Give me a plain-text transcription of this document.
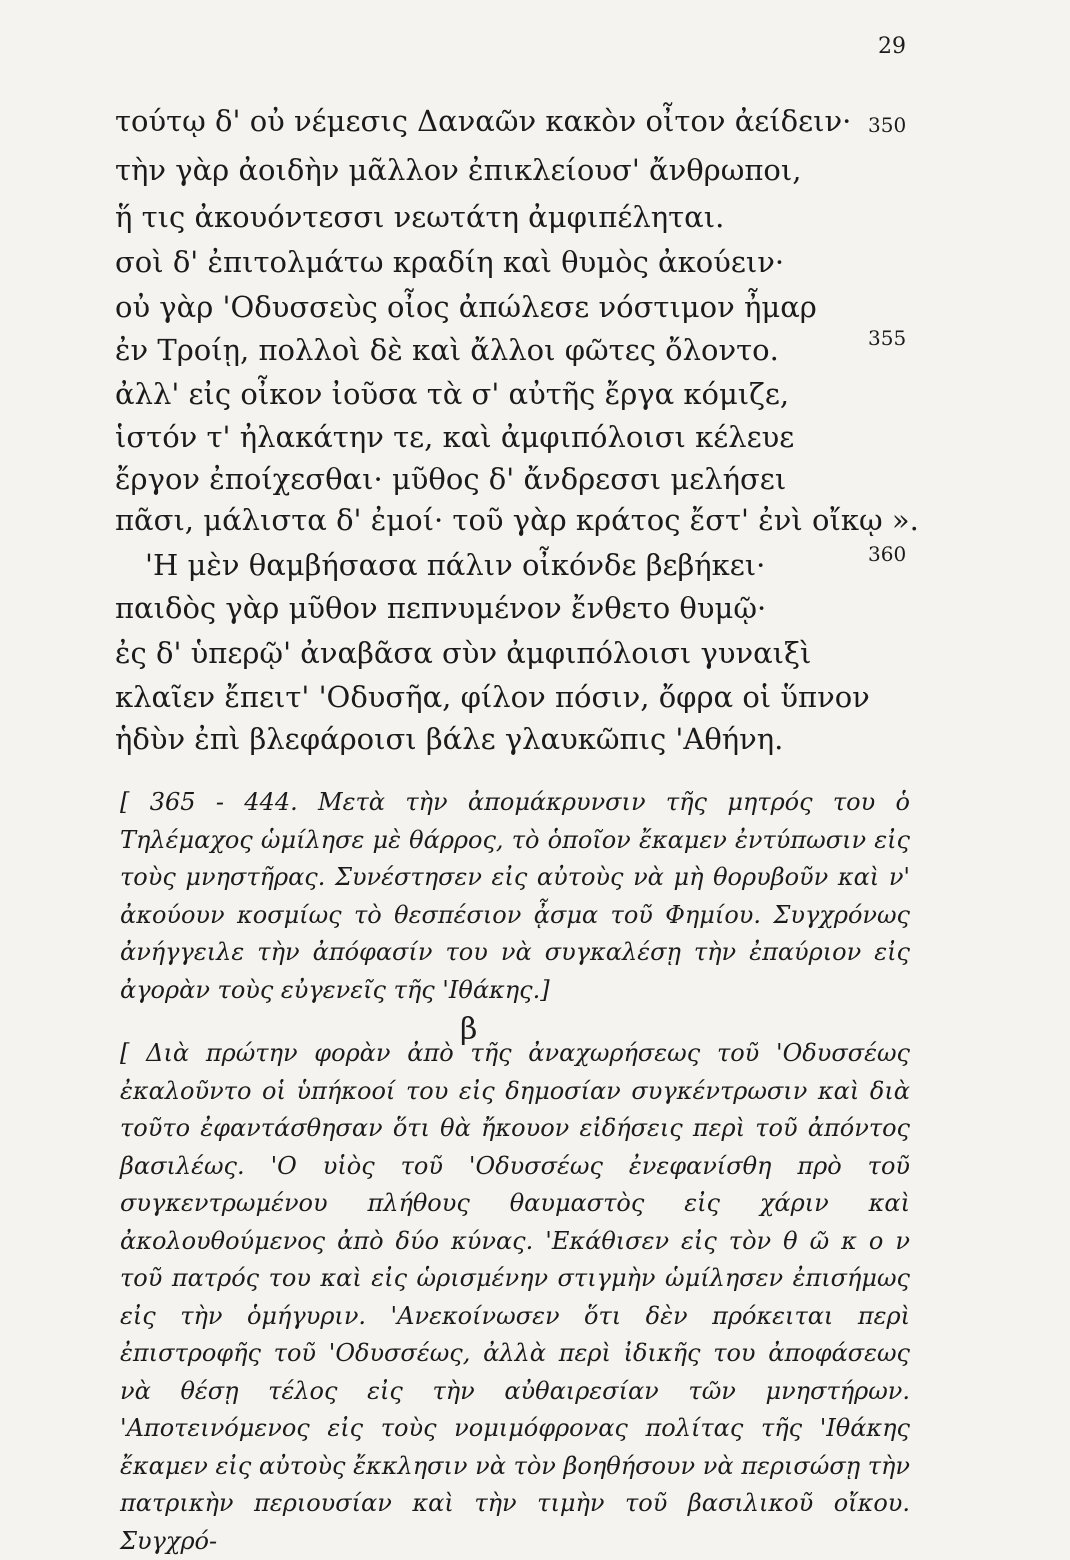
29
τούτῳ δ' οὐ νέμεσις Δαναῶν κακὸν οἶτον ἀείδειν· 350
τὴν γὰρ ἀοιδὴν μᾶλλον ἐπικλείουσ' ἄνθρωποι,
ἥ τις ἀκουόντεσσι νεωτάτη ἀμφιπέληται.
σοὶ δ' ἐπιτολμάτω κραδίη καὶ θυμὸς ἀκούειν·
οὐ γὰρ 'Οδυσσεὺς οἶος ἀπώλεσε νόστιμον ἦμαρ
ἐν Τροίῃ, πολλοὶ δὲ καὶ ἄλλοι φῶτες ὄλοντο.	355
ἀλλ' εἰς οἶκον ἰοῦσα τὰ σ' αὐτῆς ἔργα κόμιζε,
ἱστόν τ' ἠλακάτην τε, καὶ ἀμφιπόλοισι κέλευε
ἔργον ἐποίχεσθαι· μῦθος δ' ἄνδρεσσι μελήσει
πᾶσι, μάλιστα δ' ἐμοί· τοῦ γὰρ κράτος ἔστ' ἐνὶ οἴκῳ ».
'Η μὲν θαμβήσασα πάλιν οἶκόνδε βεβήκει·	360
παιδὸς γὰρ μῦθον πεπνυμένον ἔνθετο θυμῷ·
ἐς δ' ὑπερῷ' ἀναβᾶσα σὺν ἀμφιπόλοισι γυναιξὶ
κλαῖεν ἔπειτ' 'Οδυσῆα, φίλον πόσιν, ὄφρα οἱ ὕπνον
ἡδὺν ἐπὶ βλεφάροισι βάλε γλαυκῶπις 'Αθήνη.

[ 365 - 444. Μετὰ τὴν ἀπομάκρυνσιν τῆς μητρός του ὁ Τηλέμαχος ὡμίλησε μὲ θάρρος, τὸ ὁποῖον ἔκαμεν ἐντύπωσιν εἰς τοὺς μνηστῆρας. Συνέστησεν εἰς αὐτοὺς νὰ μὴ θορυβοῦν καὶ ν' ἀκούουν κοσμίως τὸ θεσπέσιον ᾆσμα τοῦ Φημίου. Συγχρόνως ἀνήγγειλε τὴν ἀπόφασίν του νὰ συγκαλέσῃ τὴν ἐπαύριον εἰς ἀγορὰν τοὺς εὐγενεῖς τῆς 'Ιθάκης.]

β

[ Διὰ πρώτην φορὰν ἀπὸ τῆς ἀναχωρήσεως τοῦ 'Οδυσσέως ἐκαλοῦντο οἱ ὑπήκοοί του εἰς δημοσίαν συγκέντρωσιν καὶ διὰ τοῦτο ἐφαντάσθησαν ὅτι θὰ ἤκουον εἰδήσεις περὶ τοῦ ἀπόντος βασιλέως. 'Ο υἱὸς τοῦ 'Οδυσσέως ἐνεφανίσθη πρὸ τοῦ συγκεντρωμένου πλήθους θαυμαστὸς εἰς χάριν καὶ ἀκολουθούμενος ἀπὸ δύο κύνας. 'Εκάθισεν εἰς τὸν θ ῶ κ ο ν τοῦ πατρός του καὶ εἰς ὡρισμένην στιγμὴν ὡμίλησεν ἐπισήμως εἰς τὴν ὁμήγυριν. 'Ανεκοίνωσεν ὅτι δὲν πρόκειται περὶ ἐπιστροφῆς τοῦ 'Οδυσσέως, ἀλλὰ περὶ ἰδικῆς του ἀποφάσεως νὰ θέσῃ τέλος εἰς τὴν αὐθαιρεσίαν τῶν μνηστήρων. 'Αποτεινόμενος εἰς τοὺς νομιμόφρονας πολίτας τῆς 'Ιθάκης ἔκαμεν εἰς αὐτοὺς ἔκκλησιν νὰ τὸν βοηθήσουν νὰ περισώσῃ τὴν πατρικὴν περιουσίαν καὶ τὴν τιμὴν τοῦ βασιλικοῦ οἴκου. Συγχρό-
